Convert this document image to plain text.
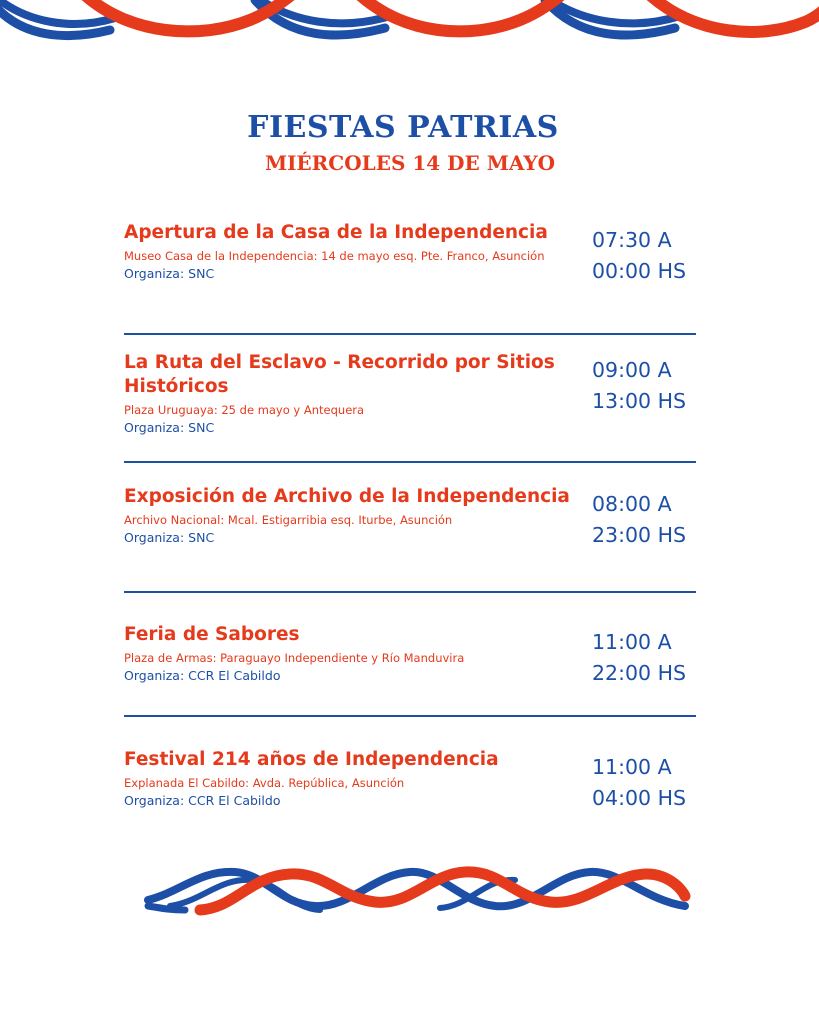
FIESTAS PATRIAS
MIÉRCOLES 14 DE MAYO

Apertura de la Casa de la Independencia

Museo Casa de la Independencia: 14 de mayo esq. Pte. Franco, Asunción

Organiza: SNC

07:30 A
00:00 HS

La Ruta del Esclavo - Recorrido por Sitios Históricos

Plaza Uruguaya: 25 de mayo y Antequera

Organiza: SNC

09:00 A
13:00 HS

Exposición de Archivo de la Independencia

Archivo Nacional: Mcal. Estigarribia esq. Iturbe, Asunción

Organiza: SNC

08:00 A
23:00 HS

Feria de Sabores

Plaza de Armas: Paraguayo Independiente y Río Manduvira

Organiza: CCR El Cabildo

11:00 A
22:00 HS

Festival 214 años de Independencia

Explanada El Cabildo: Avda. República, Asunción

Organiza: CCR El Cabildo

11:00 A
04:00 HS
